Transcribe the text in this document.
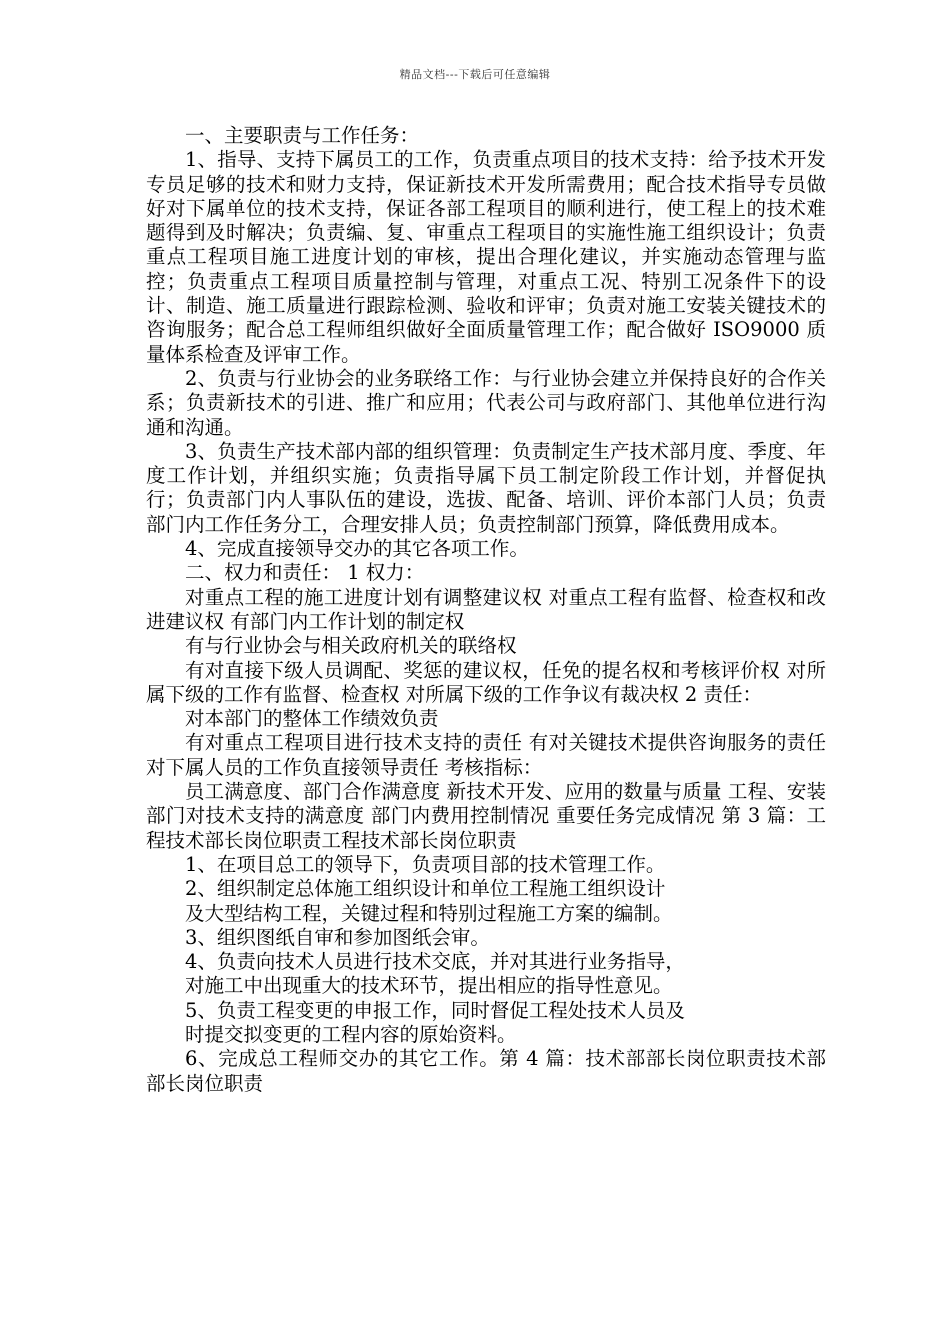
精品文档---下载后可任意编辑

一、主要职责与工作任务：

1、指导、支持下属员工的工作，负责重点项目的技术支持：给予技术开发专员足够的技术和财力支持，保证新技术开发所需费用；配合技术指导专员做好对下属单位的技术支持，保证各部工程项目的顺利进行，使工程上的技术难题得到及时解决；负责编、复、审重点工程项目的实施性施工组织设计；负责重点工程项目施工进度计划的审核，提出合理化建议，并实施动态管理与监控；负责重点工程项目质量控制与管理，对重点工况、特别工况条件下的设计、制造、施工质量进行跟踪检测、验收和评审；负责对施工安装关键技术的咨询服务；配合总工程师组织做好全面质量管理工作；配合做好 ISO9000 质量体系检查及评审工作。

2、负责与行业协会的业务联络工作：与行业协会建立并保持良好的合作关系；负责新技术的引进、推广和应用；代表公司与政府部门、其他单位进行沟通和沟通。

3、负责生产技术部内部的组织管理：负责制定生产技术部月度、季度、年度工作计划，并组织实施；负责指导属下员工制定阶段工作计划，并督促执行；负责部门内人事队伍的建设，选拔、配备、培训、评价本部门人员；负责部门内工作任务分工，合理安排人员；负责控制部门预算，降低费用成本。

4、完成直接领导交办的其它各项工作。

二、权力和责任： 1 权力：

对重点工程的施工进度计划有调整建议权 对重点工程有监督、检查权和改进建议权 有部门内工作计划的制定权

有与行业协会与相关政府机关的联络权

有对直接下级人员调配、奖惩的建议权，任免的提名权和考核评价权 对所属下级的工作有监督、检查权 对所属下级的工作争议有裁决权 2 责任：

对本部门的整体工作绩效负责

有对重点工程项目进行技术支持的责任 有对关键技术提供咨询服务的责任 对下属人员的工作负直接领导责任 考核指标：

员工满意度、部门合作满意度 新技术开发、应用的数量与质量 工程、安装部门对技术支持的满意度 部门内费用控制情况 重要任务完成情况 第 3 篇：工程技术部长岗位职责工程技术部长岗位职责

1、在项目总工的领导下，负责项目部的技术管理工作。

2、组织制定总体施工组织设计和单位工程施工组织设计

及大型结构工程，关键过程和特别过程施工方案的编制。

3、组织图纸自审和参加图纸会审。

4、负责向技术人员进行技术交底，并对其进行业务指导，

对施工中出现重大的技术环节，提出相应的指导性意见。

5、负责工程变更的申报工作，同时督促工程处技术人员及

时提交拟变更的工程内容的原始资料。

6、完成总工程师交办的其它工作。第 4 篇：技术部部长岗位职责技术部部长岗位职责
